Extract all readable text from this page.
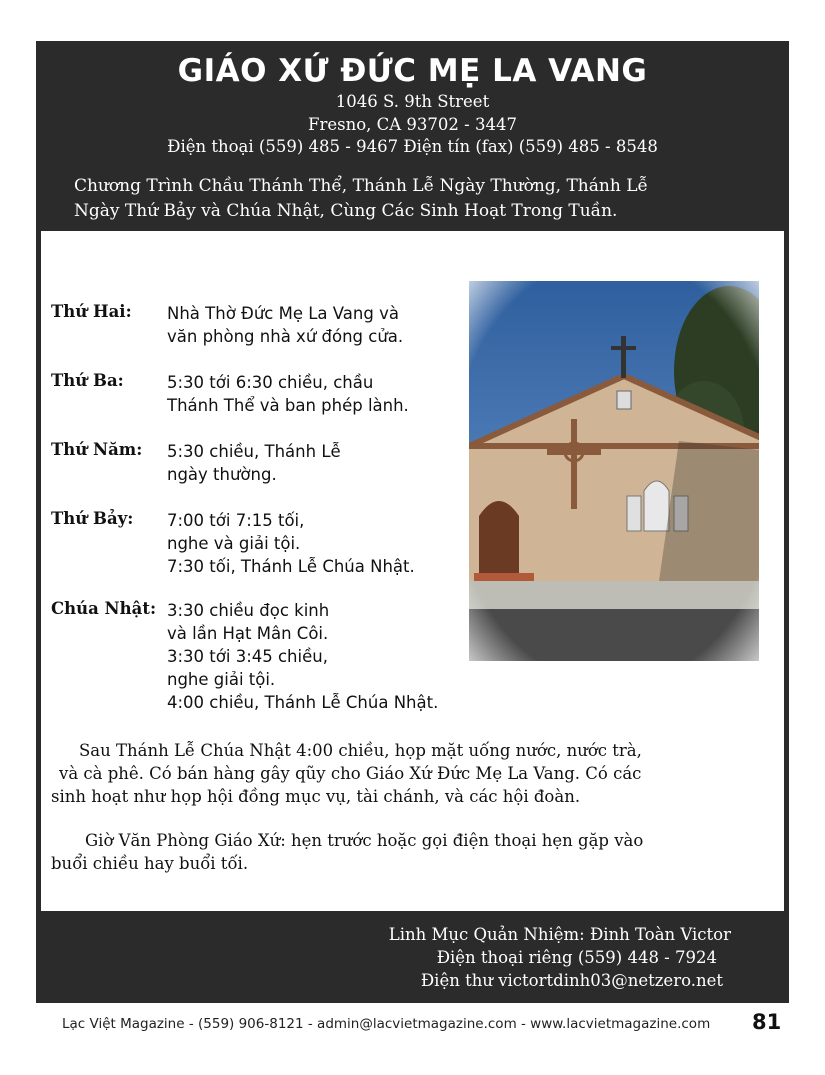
GIÁO XỨ ĐỨC MẸ LA VANG
1046 S. 9th Street
Fresno, CA 93702 - 3447
Điện thoại (559) 485 - 9467 Điện tín (fax) (559) 485 - 8548
Chương Trình Chầu Thánh Thể, Thánh Lễ Ngày Thường, Thánh Lễ
Ngày Thứ Bảy và Chúa Nhật, Cùng Các Sinh Hoạt Trong Tuần.
Thứ Hai: Nhà Thờ Đức Mẹ La Vang và
văn phòng nhà xứ đóng cửa.
Thứ Ba:	5:30 tới 6:30 chiều, chầu
Thánh Thể và ban phép lành.
Thứ Năm: 5:30 chiều, Thánh Lễ
ngày thường.
Thứ Bảy: 7:00 tới 7:15 tối,
nghe và giải tội.
7:30 tối, Thánh Lễ Chúa Nhật.
Chúa Nhật: 3:30 chiều đọc kinh
và lần Hạt Mân Côi.
3:30 tới 3:45 chiều,
nghe giải tội.
4:00 chiều, Thánh Lễ Chúa Nhật.
Sau Thánh Lễ Chúa Nhật 4:00 chiều, họp mặt uống nước, nước trà,
và cà phê. Có bán hàng gây qũy cho Giáo Xứ Đức Mẹ La Vang. Có các
sinh hoạt như họp hội đồng mục vụ, tài chánh, và các hội đoàn.
Giờ Văn Phòng Giáo Xứ: hẹn trước hoặc gọi điện thoại hẹn gặp vào
buổi chiều hay buổi tối.
Linh Mục Quản Nhiệm: Đinh Toàn Victor
Điện thoại riêng (559) 448 - 7924
Điện thư victortdinh03@netzero.net
Lạc Việt Magazine - (559) 906-8121 - admin@lacvietmagazine.com - www.lacvietmagazine.com 81
